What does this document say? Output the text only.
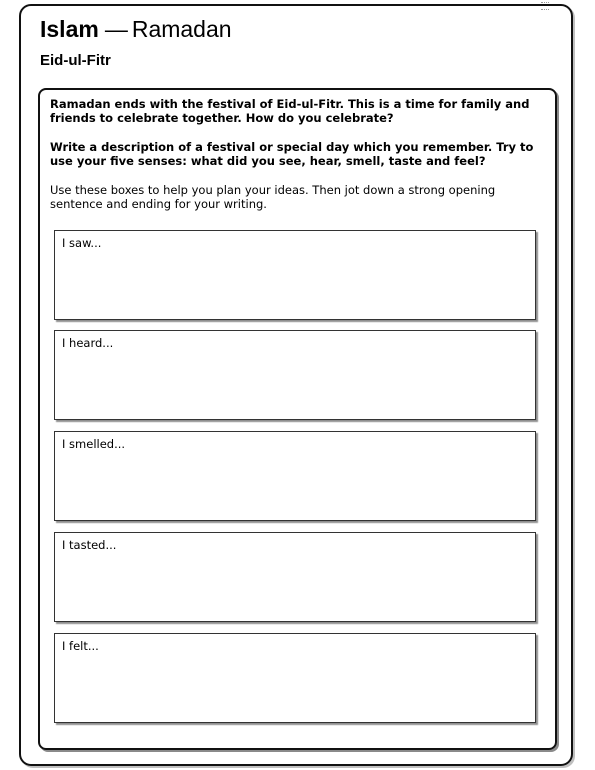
Islam — Ramadan
Eid-ul-Fitr

Ramadan ends with the festival of Eid-ul-Fitr. This is a time for family and friends to celebrate together. How do you celebrate?

Write a description of a festival or special day which you remember. Try to use your five senses: what did you see, hear, smell, taste and feel?

Use these boxes to help you plan your ideas. Then jot down a strong opening sentence and ending for your writing.

I saw...
I heard...
I smelled...
I tasted...
I felt...
